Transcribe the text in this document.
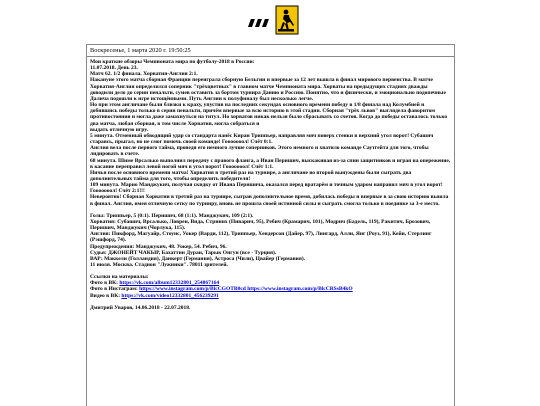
Воскресенье, 1 марта 2020 г. 19:50:25

Мои краткие обзоры Чемпионата мира по футболу-2018 в России:

11.07.2018. День 23.

Матч 62. 1/2 финала. Хорватия-Англия 2:1.

Накануне этого матча сборная Франции переиграла сборную Бельгии и впервые за 12 лет вышла в финал мирового первенства. В матче Хорватия-Англия определился соперник "трёхцветных" в главном матче Чемпионата мира. Хорваты на предыдущих стадиях дважды доводили дело до серии пенальти, сумев оставить за бортом турнира Данию и Россию. Понятно, что и физически, и эмоционально подопечные Далича подошли к игре истощёнными. Путь Англии к полуфиналу был несколько легче.

Но при этом англичане были близки к краху, упустив на последних секундах основного времени победу в 1/8 финала над Колумбией и добившись победы только в серии пенальти, причём впервые за всю историю в этой стадии. Сборная "трёх львов" выглядела фаворитом противостояния и могла даже замахнуться на титул. Но хорватов никак нельзя было сбрасывать со счетов. Когда до победы оставалось только два матча, любая сборная, в том числе Хорватия, могла собраться и

выдать отличную игру.

5 минута. Отменный обводящий удар со стандарта нанёс Киран Триппьер, направляя мяч поверх стенки в верхний угол ворот! Субашич стараясь, прыгал, но не смог помочь своей команде! Гооооооол! Счёт 0:1.

Англия вела после первого тайма, проведя его немного лучше соперников. Этого немного и хватило команде Саутгейта для того, чтобы лидировать в счете.

68 минута. Шиме Врсалько выполнил передачу с правого фланга, а Иван Перишич, выскакивая из-за спин защитников и играя на опережение, в касание переправил левой ногой мяч в угол ворот! Гооооооол! Счёт 1:1.

Ничья после основного времени матча! Хорватия в третий раз на турнире, а англичане во второй вынуждены были сыграть два дополнительных тайма для того, чтобы определить победителя!

109 минута. Марио Манджукич, получая скидку от Ивана Перишича, оказался перед вратарём и точным ударом направил мяч в угол ворот! Гооооооол! Счёт 2:1!!!

Невероятно! Сборная Хорватии в третий раз на турнире, сыграв дополнительное время, добилась победы и впервые в за свою историю вышла в финал. Англия, имея отличную сетку по турниру, вновь не прошла своей истинной силы и сыграть смогла только в поединке за 3-е место.

Голы: Триппьер, 5 (0:1). Перишич, 68 (1:1). Манджукич, 109 (2:1).

Хорватия: Субашич, Врсалько, Ловрен, Вида, Стриних (Пиварич, 95), Ребич (Крамарич, 101), Модрич (Бадель, 119), Ракитич, Брозович, Перишич, Манджукич (Чорлука, 115).

Англия: Пикфорд, Магуайр, Стоунс, Уокер (Варди, 112), Триппьер, Хендерсон (Дайер, 97), Лингард, Алли, Янг (Роуз, 91), Кейн, Стерлинг (Рэшфорд, 74).

Предупреждения: Манджукич, 48. Уокер, 54. Ребич, 96.

Судья: ДЖОНЕЙТ ЧАКЫР, Бахаттин Дуран, Тарык Онгун (все - Турция).

ВАР: Маккели (Голландия), Данкерт (Германия), Астроса (Чили), Цвайер (Германия).

11 июля. Москва. Стадион "Лужники". 78011 зрителей.

Ссылки на материалы:

Фото в ВК: https://vk.com/album12332801_254867164

Фото в Инстаграм: https://www.instagram.com/p/BlcCGOTB0cd https://www.instagram.com/p/BlcCRSsB4kO

Видео в ВК: https://vk.com/video12332801_456239291

Дмитрий Уваров, 14.06.2018 - 22.07.2018.
